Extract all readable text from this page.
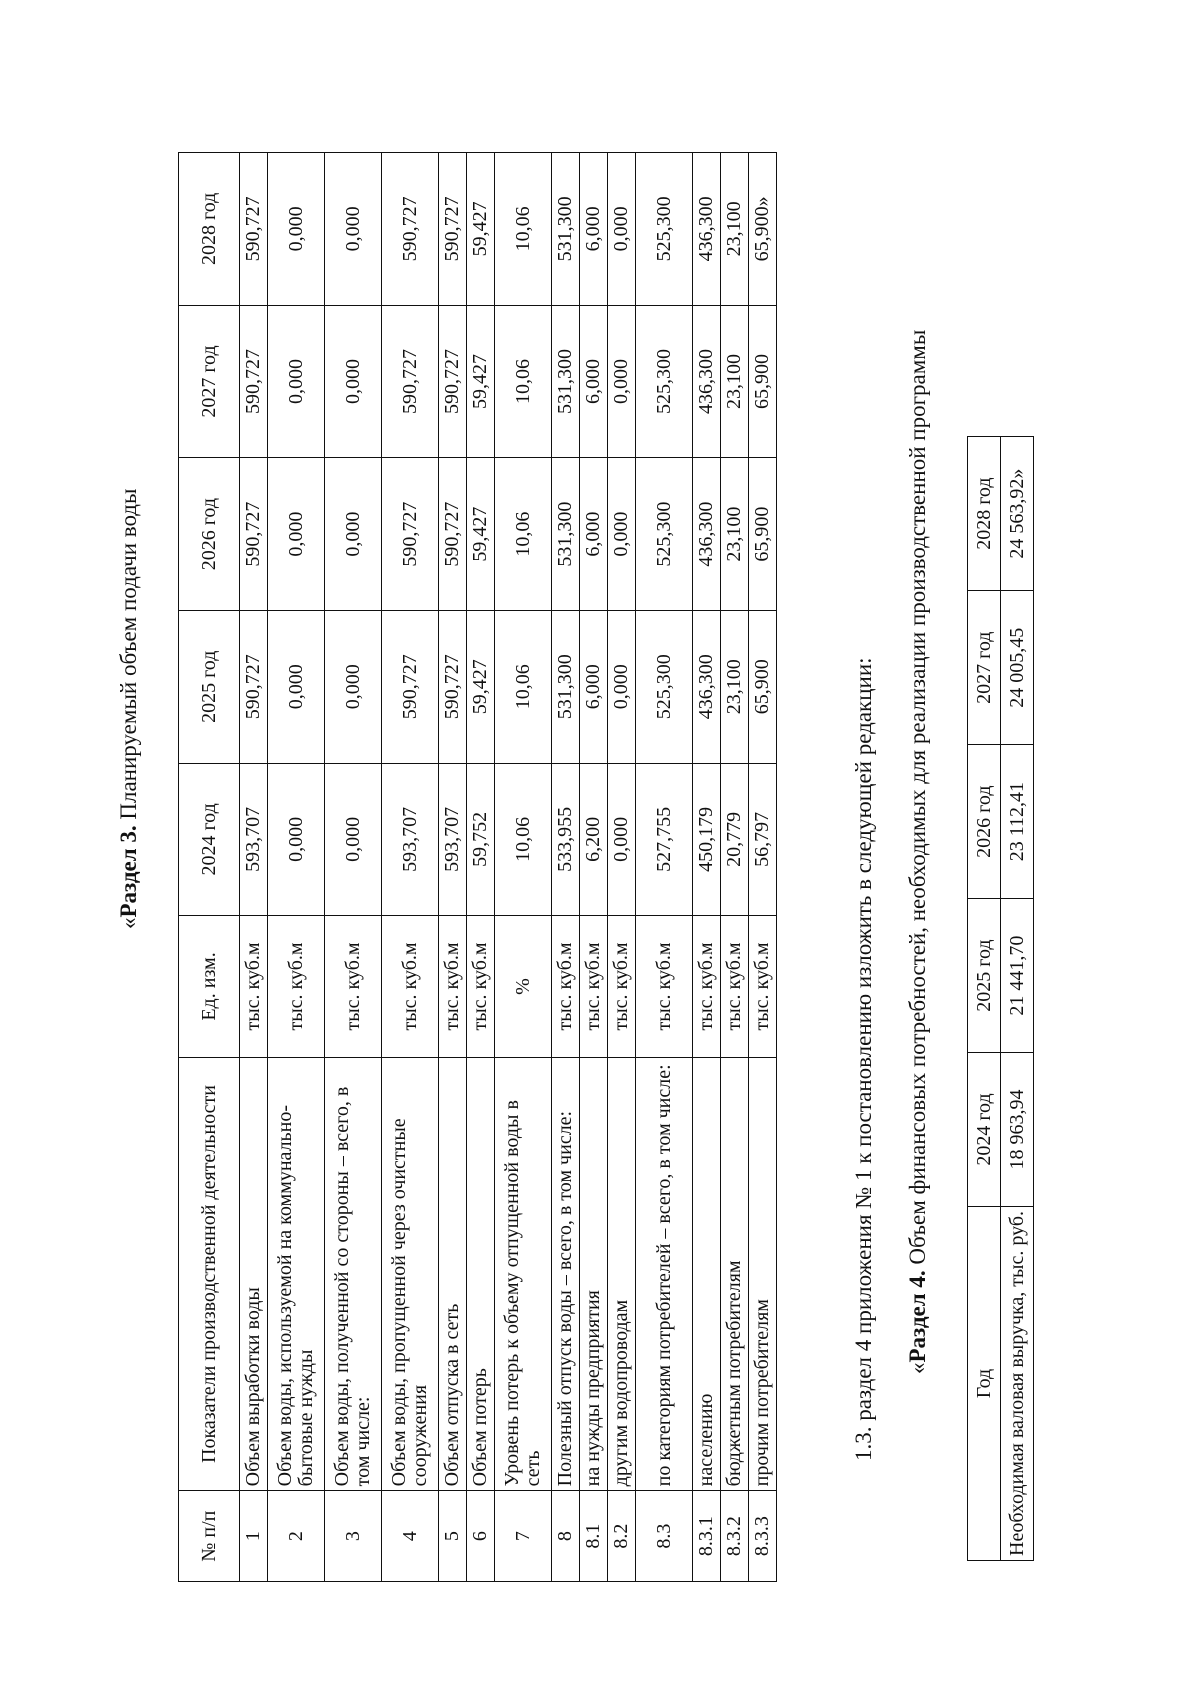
«Раздел 3. Планируемый объем подачи воды
№ п/п	Показатели производственной деятельности	Ед. изм.	2024 год	2025 год	2026 год	2027 год	2028 год
1	Объем выработки воды	тыс. куб.м	593,707	590,727	590,727	590,727	590,727
2	Объем воды, используемой на коммунально-бытовые нужды	тыс. куб.м	0,000	0,000	0,000	0,000	0,000
3	Объем воды, полученной со стороны – всего, в том числе:	тыс. куб.м	0,000	0,000	0,000	0,000	0,000
4	Объем воды, пропущенной через очистные сооружения	тыс. куб.м	593,707	590,727	590,727	590,727	590,727
5	Объем отпуска в сеть	тыс. куб.м	593,707	590,727	590,727	590,727	590,727
6	Объем потерь	тыс. куб.м	59,752	59,427	59,427	59,427	59,427
7	Уровень потерь к объему отпущенной воды в сеть	%	10,06	10,06	10,06	10,06	10,06
8	Полезный отпуск воды – всего, в том числе:	тыс. куб.м	533,955	531,300	531,300	531,300	531,300
8.1	на нужды предприятия	тыс. куб.м	6,200	6,000	6,000	6,000	6,000
8.2	другим водопроводам	тыс. куб.м	0,000	0,000	0,000	0,000	0,000
8.3	по категориям потребителей – всего, в том числе:	тыс. куб.м	527,755	525,300	525,300	525,300	525,300
8.3.1	населению	тыс. куб.м	450,179	436,300	436,300	436,300	436,300
8.3.2	бюджетным потребителям	тыс. куб.м	20,779	23,100	23,100	23,100	23,100
8.3.3	прочим потребителям	тыс. куб.м	56,797	65,900	65,900	65,900	65,900»
1.3. раздел 4 приложения № 1 к постановлению изложить в следующей редакции: «Раздел 4. Объем финансовых потребностей, необходимых для реализации производственной программы
Год	2024 год	2025 год	2026 год	2027 год	2028 год
Необходимая валовая выручка, тыс. руб.	18 963,94	21 441,70	23 112,41	24 005,45	24 563,92»
